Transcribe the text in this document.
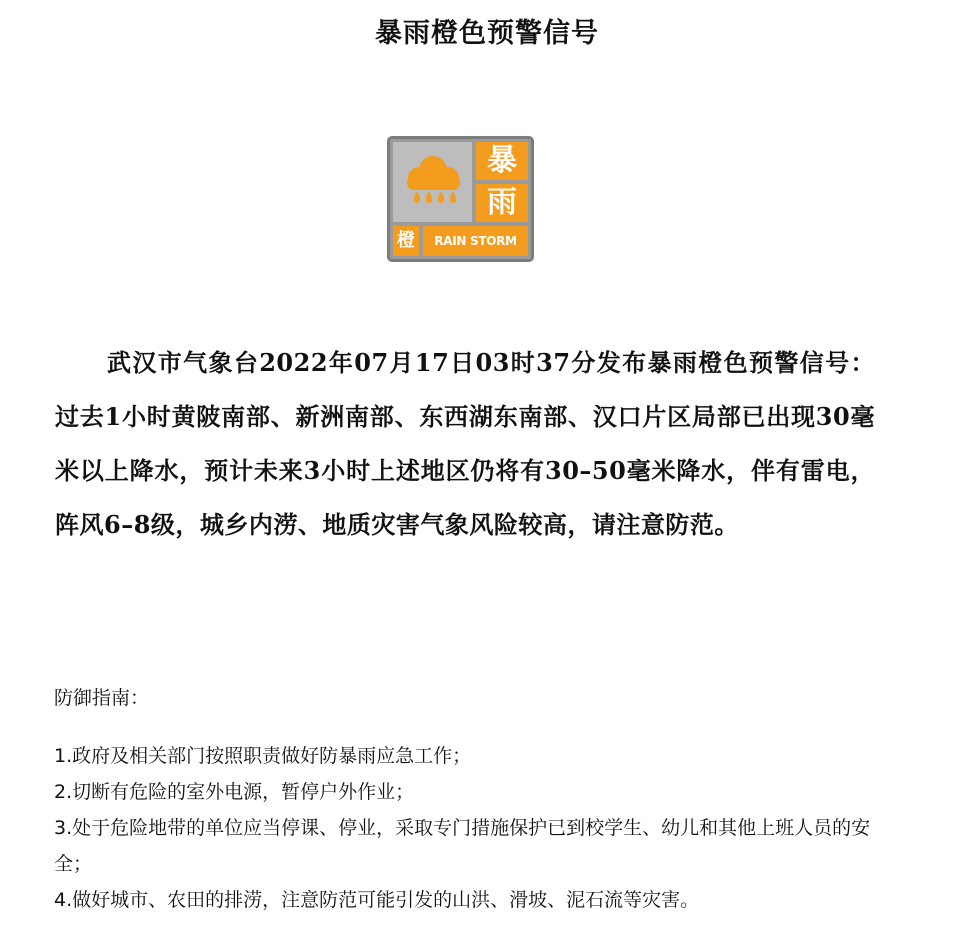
暴雨橙色预警信号
暴
雨
橙	RAIN STORM
武汉市气象台2022年07月17日03时37分发布暴雨橙色预警信号：过去1小时黄陂南部、新洲南部、东西湖东南部、汉口片区局部已出现30毫米以上降水，预计未来3小时上述地区仍将有30–50毫米降水，伴有雷电，阵风6–8级，城乡内涝、地质灾害气象风险较高，请注意防范。
防御指南：
1.政府及相关部门按照职责做好防暴雨应急工作；
2.切断有危险的室外电源，暂停户外作业；
3.处于危险地带的单位应当停课、停业，采取专门措施保护已到校学生、幼儿和其他上班人员的安全；
4.做好城市、农田的排涝，注意防范可能引发的山洪、滑坡、泥石流等灾害。
